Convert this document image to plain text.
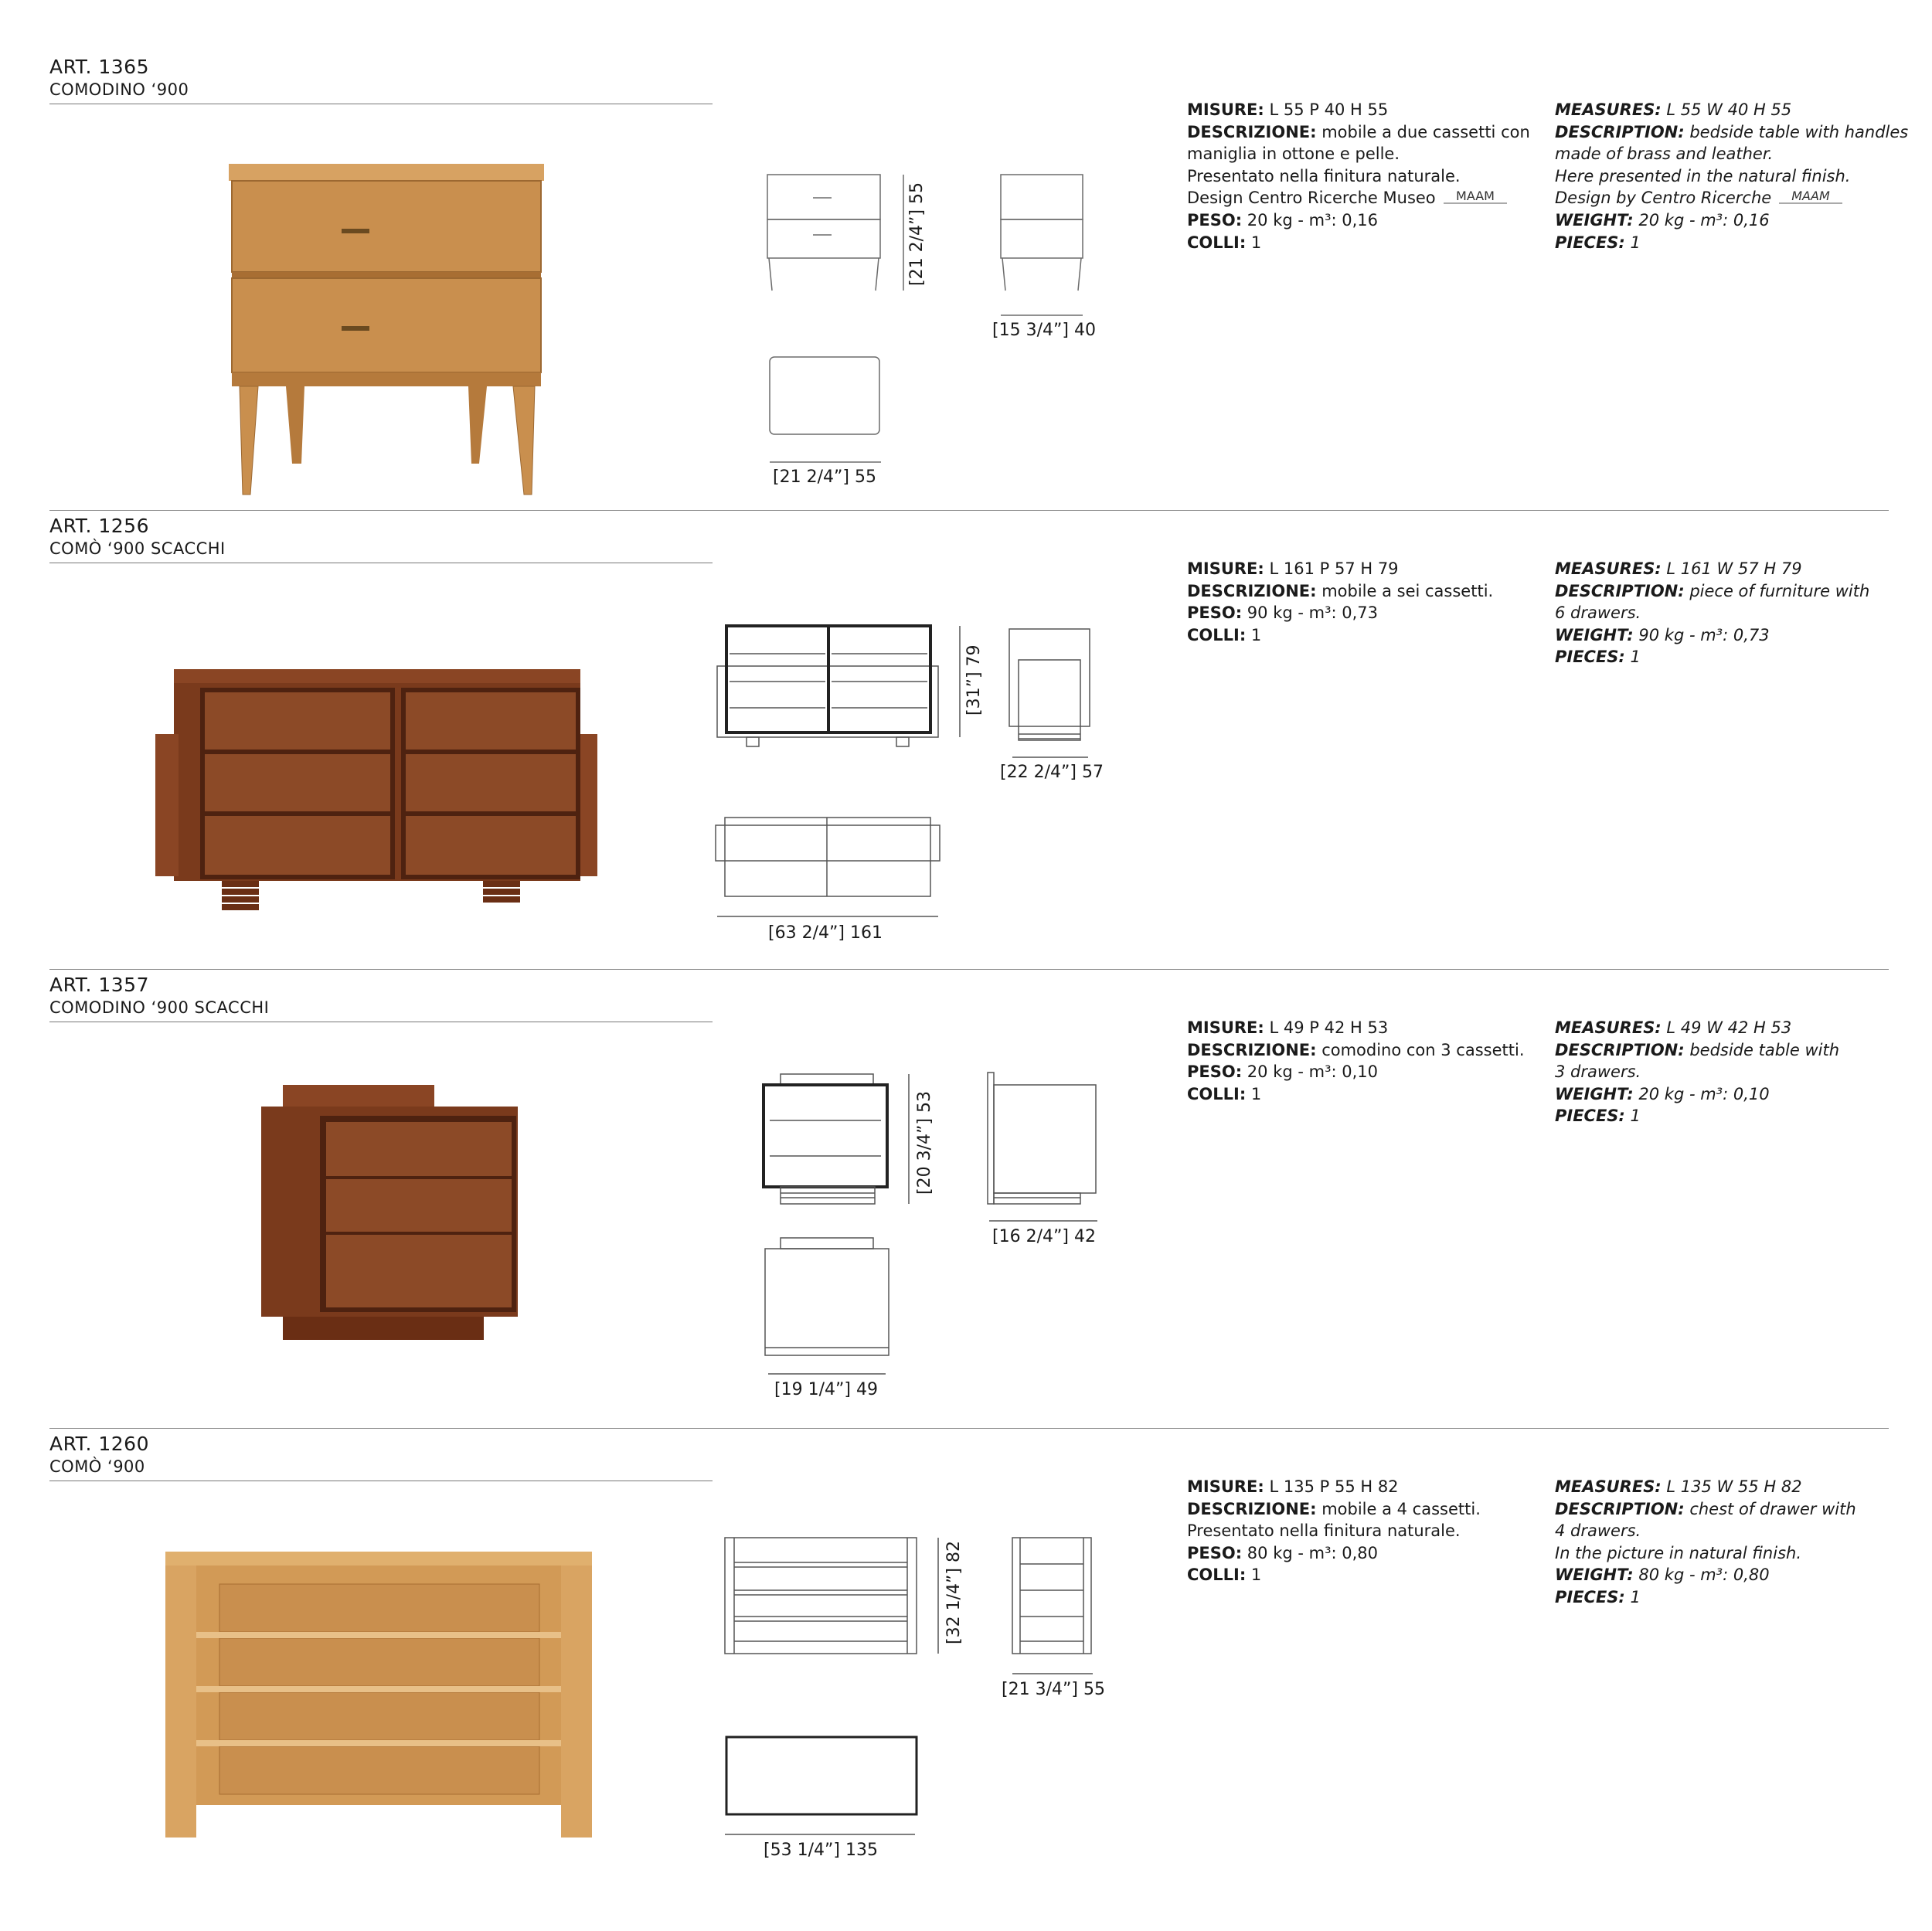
ART. 1365
COMODINO ‘900
[21 2/4”] 55
[15 3/4”] 40
[21 2/4”] 55
MISURE: L 55 P 40 H 55
DESCRIZIONE: mobile a due cassetti con
maniglia in ottone e pelle.
Presentato nella finitura naturale.
Design Centro Ricerche Museo MAAM
PESO: 20 kg - m³: 0,16
COLLI: 1
MEASURES: L 55 W 40 H 55
DESCRIPTION: bedside table with handles
made of brass and leather.
Here presented in the natural finish.
Design by Centro Ricerche MAAM
WEIGHT: 20 kg - m³: 0,16
PIECES: 1
ART. 1256
COMÒ ‘900 SCACCHI
[31”] 79
[22 2/4”] 57
[63 2/4”] 161
MISURE: L 161 P 57 H 79
DESCRIZIONE: mobile a sei cassetti.
PESO: 90 kg - m³: 0,73
COLLI: 1
MEASURES: L 161 W 57 H 79
DESCRIPTION: piece of furniture with
6 drawers.
WEIGHT: 90 kg - m³: 0,73
PIECES: 1
ART. 1357
COMODINO ‘900 SCACCHI
[20 3/4”] 53
[16 2/4”] 42
[19 1/4”] 49
MISURE: L 49 P 42 H 53
DESCRIZIONE: comodino con 3 cassetti.
PESO: 20 kg - m³: 0,10
COLLI: 1
MEASURES: L 49 W 42 H 53
DESCRIPTION: bedside table with
3 drawers.
WEIGHT: 20 kg - m³: 0,10
PIECES: 1
ART. 1260
COMÒ ‘900
[32 1/4”] 82
[21 3/4”] 55
[53 1/4”] 135
MISURE: L 135 P 55 H 82
DESCRIZIONE: mobile a 4 cassetti.
Presentato nella finitura naturale.
PESO: 80 kg - m³: 0,80
COLLI: 1
MEASURES: L 135 W 55 H 82
DESCRIPTION: chest of drawer with
4 drawers.
In the picture in natural finish.
WEIGHT: 80 kg - m³: 0,80
PIECES: 1
